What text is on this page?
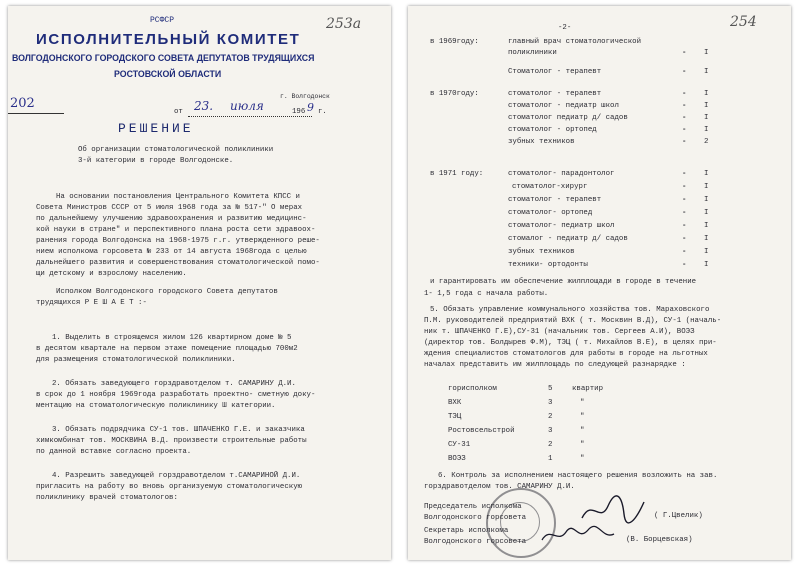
РСФСР	253а
ИСПОЛНИТЕЛЬНЫЙ КОМИТЕТ
ВОЛГОДОНСКОГО ГОРОДСКОГО СОВЕТА ДЕПУТАТОВ ТРУДЯЩИХСЯ
РОСТОВСКОЙ ОБЛАСТИ
202	г. Волгодонск
от 23. июля	196 9 г.
РЕШЕНИЕ
Об организации стоматологической поликлиники
3-й категории в городе Волгодонске.
На основании постановления Центрального Комитета КПСС и
Совета Министров СССР от 5 июля 1968 года за № 517-" О мерах
по дальнейшему улучшению здравоохранения и развитию медицинс-
кой науки в стране" и перспективного плана роста сети здравоох-
ранения города Волгодонска на 1968-1975 г.г. утвержденного реше-
нием исполкома горсовета № 233 от 14 августа 1968года с целью
дальнейшего развития и совершенствования стоматологической помо-
щи детскому и взрослому населению.
Исполком Волгодонского городского Совета депутатов
трудящихся Р Е Ш А Е Т :-
1. Выделить в строящемся жилом 126 квартирном доме № 5
в десятом квартале на первом этаже помещение площадью 700м2
для размещения стоматологической поликлиники.
2. Обязать заведующего горздравотделом т. САМАРИНУ Д.И.
в срок до 1 ноября 1969года разработать проектно- сметную доку-
ментацию на стоматологическую поликлинику Ш категории.
3. Обязать подрядчика СУ-1 тов. ШПАЧЕНКО Г.Е. и заказчика
химкомбинат тов. МОСКВИНА В.Д. произвести строительные работы
по данной вставке согласно проекта.
4. Разрешить заведующей горздравотделом т.САМАРИНОЙ Д.И.
пригласить на работу во вновь организуемую стоматологическую
поликлинику врачей стоматологов:
-2-	254
в 1969году:	главный врач стоматологической
поликлиники	- I
Стоматолог - терапевт	- I
в 1970году:	стоматолог - терапевт	- I
стоматолог - педиатр школ	- I
стоматолог педиатр д/ садов	- I
стоматолог - ортопед	- I
зубных техников	- 2
в 1971 году:	стоматолог- парадонтолог	- I
стоматолог-хирург	- I
стоматолог - терапевт	- I
стоматолог- ортопед	- I
стоматолог- педиатр школ	- I
стомалог - педиатр д/ садов	- I
зубных техников	- I
техники- ортодонты	- I
и гарантировать им обеспечение жилплощади в городе в течение
1- 1,5 года с начала работы.
5. Обязать управление коммунального хозяйства тов. Мараховского
П.М. руководителей предприятий ВХК ( т. Москвин В.Д), СУ-1 (началь-
ник т. ШПАЧЕНКО Г.Е),СУ-31 (начальник тов. Сергеев А.И), ВОЭЗ
(директор тов. Болдырев Ф.М), ТЭЦ ( т. Михайлов В.Е), в целях при-
ждения специалистов стоматологов для работы в городе на льготных
началах представить им жилплощадь по следующей разнарядке :
горисполком	5	квартир
ВХК	3	"
ТЭЦ	2	"
Ростовсельстрой	3	"
СУ-31	2	"
ВОЭЗ	1	"
6. Контроль за исполнением настоящего решения возложить на зав.
горздравотделом тов. САМАРИНУ Д.И.
Председатель исполкома
Волгодонского горсовета	( Г.Цвелик)
Секретарь исполкома
Волгодонского горсовета	(В. Борцевская)
